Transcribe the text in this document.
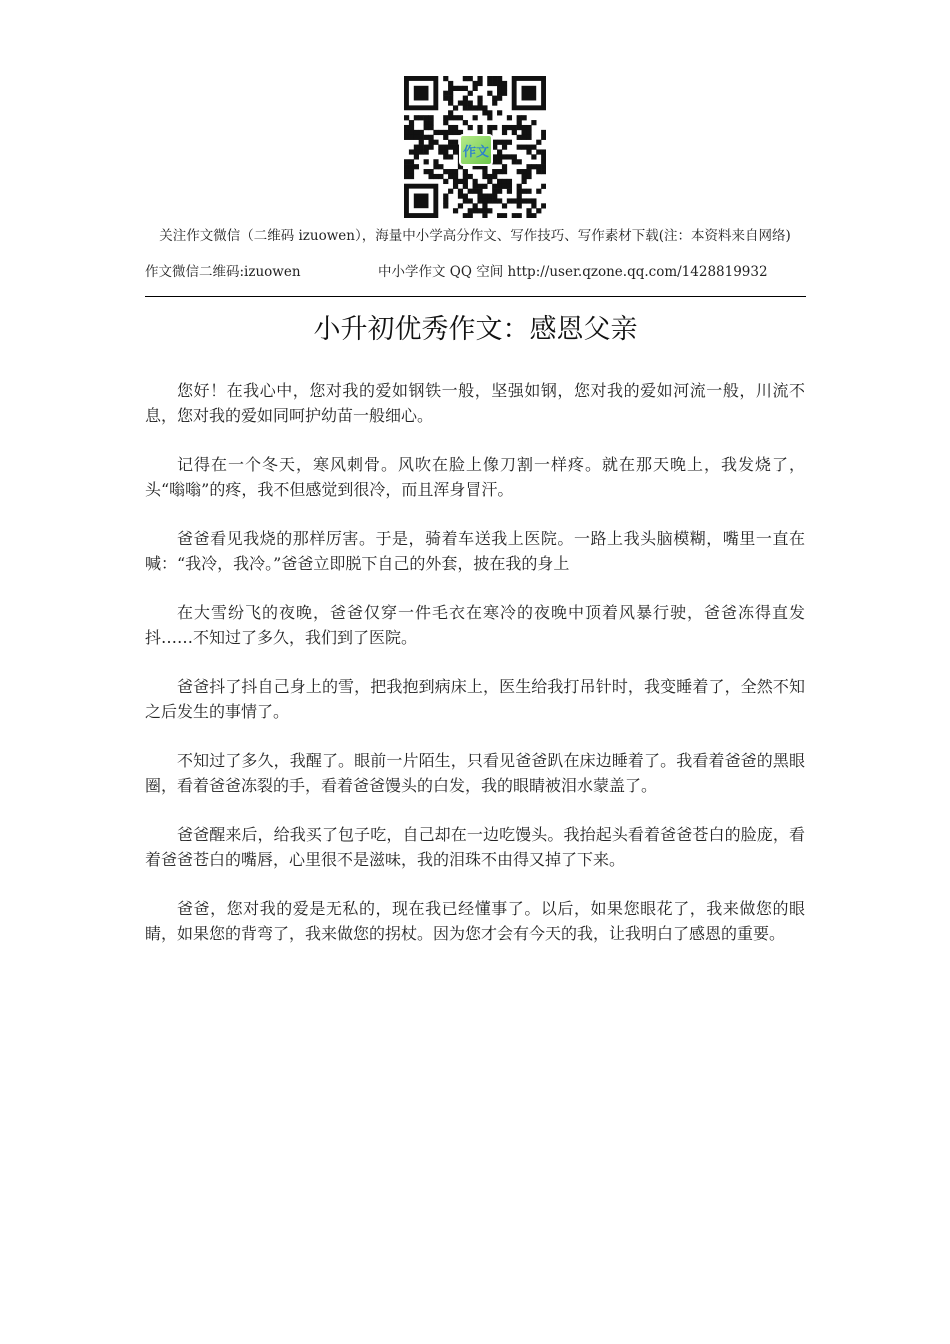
作文
关注作文微信（二维码 izuowen），海量中小学高分作文、写作技巧、写作素材下载(注：本资料来自网络)
作文微信二维码:izuowen	中小学作文 QQ 空间 http://user.qzone.qq.com/1428819932
小升初优秀作文：感恩父亲

您好！在我心中，您对我的爱如钢铁一般，坚强如钢，您对我的爱如河流一般，川流不息，您对我的爱如同呵护幼苗一般细心。

记得在一个冬天，寒风刺骨。风吹在脸上像刀割一样疼。就在那天晚上，我发烧了，头“嗡嗡”的疼，我不但感觉到很冷，而且浑身冒汗。

爸爸看见我烧的那样厉害。于是，骑着车送我上医院。一路上我头脑模糊，嘴里一直在喊：“我冷，我冷。”爸爸立即脱下自己的外套，披在我的身上

在大雪纷飞的夜晚，爸爸仅穿一件毛衣在寒冷的夜晚中顶着风暴行驶，爸爸冻得直发抖……不知过了多久，我们到了医院。

爸爸抖了抖自己身上的雪，把我抱到病床上，医生给我打吊针时，我变睡着了，全然不知之后发生的事情了。

不知过了多久，我醒了。眼前一片陌生，只看见爸爸趴在床边睡着了。我看着爸爸的黑眼圈，看着爸爸冻裂的手，看着爸爸馒头的白发，我的眼睛被泪水蒙盖了。

爸爸醒来后，给我买了包子吃，自己却在一边吃馒头。我抬起头看着爸爸苍白的脸庞，看着爸爸苍白的嘴唇，心里很不是滋味，我的泪珠不由得又掉了下来。

爸爸，您对我的爱是无私的，现在我已经懂事了。以后，如果您眼花了，我来做您的眼睛，如果您的背弯了，我来做您的拐杖。因为您才会有今天的我，让我明白了感恩的重要。
